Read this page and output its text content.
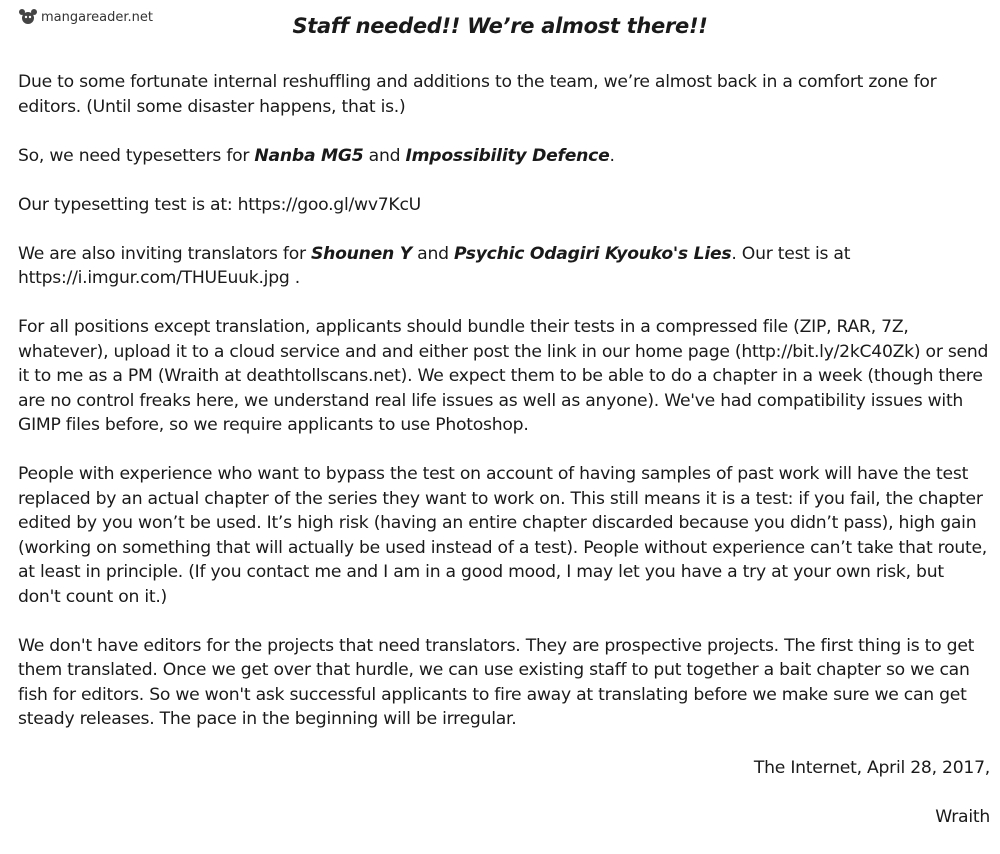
mangareader.net	Staff needed!! We’re almost there!!

Due to some fortunate internal reshuffling and additions to the team, we’re almost back in a comfort zone for editors. (Until some disaster happens, that is.)

So, we need typesetters for Nanba MG5 and Impossibility Defence.

Our typesetting test is at: https://goo.gl/wv7KcU

We are also inviting translators for Shounen Y and Psychic Odagiri Kyouko's Lies. Our test is at https://i.imgur.com/THUEuuk.jpg .

For all positions except translation, applicants should bundle their tests in a compressed file (ZIP, RAR, 7Z, whatever), upload it to a cloud service and and either post the link in our home page (http://bit.ly/2kC40Zk) or send it to me as a PM (Wraith at deathtollscans.net). We expect them to be able to do a chapter in a week (though there are no control freaks here, we understand real life issues as well as anyone). We've had compatibility issues with GIMP files before, so we require applicants to use Photoshop.

People with experience who want to bypass the test on account of having samples of past work will have the test replaced by an actual chapter of the series they want to work on. This still means it is a test: if you fail, the chapter edited by you won’t be used. It’s high risk (having an entire chapter discarded because you didn’t pass), high gain (working on something that will actually be used instead of a test). People without experience can’t take that route, at least in principle. (If you contact me and I am in a good mood, I may let you have a try at your own risk, but don't count on it.)

We don't have editors for the projects that need translators. They are prospective projects. The first thing is to get them translated. Once we get over that hurdle, we can use existing staff to put together a bait chapter so we can fish for editors. So we won't ask successful applicants to fire away at translating before we make sure we can get steady releases. The pace in the beginning will be irregular.

The Internet, April 28, 2017,

Wraith
